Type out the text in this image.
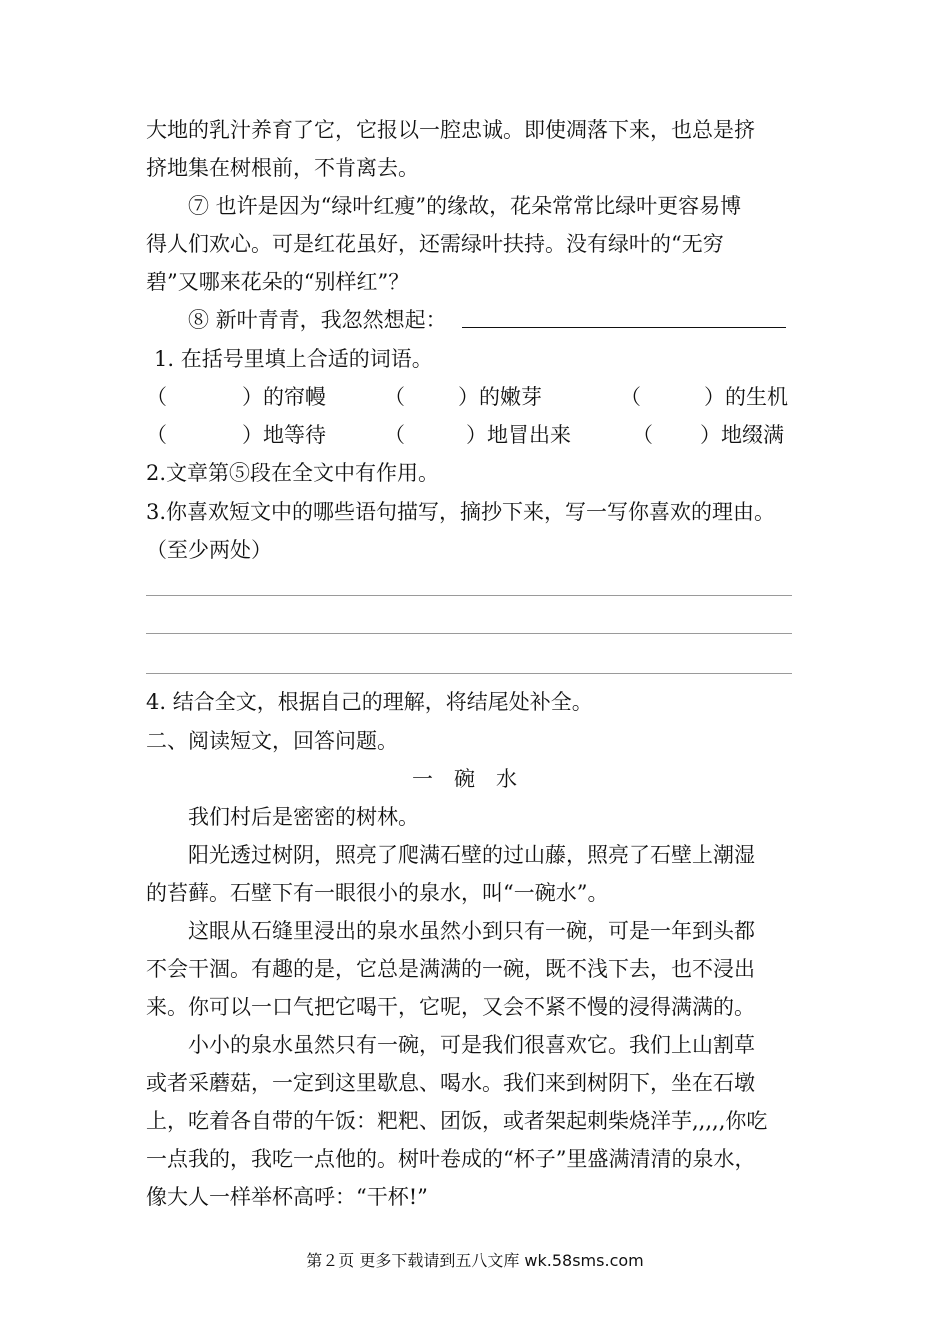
大地的乳汁养育了它，它报以一腔忠诚。即使凋落下来，也总是挤
挤地集在树根前，不肯离去。
⑦ 也许是因为“绿叶红瘦”的缘故，花朵常常比绿叶更容易博
得人们欢心。可是红花虽好，还需绿叶扶持。没有绿叶的“无穷
碧”又哪来花朵的“别样红”？
⑧ 新叶青青，我忽然想起：
1. 在括号里填上合适的词语。
（	）的帘幔	（	）的嫩芽	（	）的生机
（	）地等待	（	）地冒出来	（ ）地缀满
2.文章第⑤段在全文中有作用。
3.你喜欢短文中的哪些语句描写，摘抄下来，写一写你喜欢的理由。
（至少两处）
4. 结合全文，根据自己的理解，将结尾处补全。
二、阅读短文，回答问题。
一　碗　水
我们村后是密密的树林。
阳光透过树阴，照亮了爬满石壁的过山藤，照亮了石壁上潮湿
的苔藓。石壁下有一眼很小的泉水，叫“一碗水”。
这眼从石缝里浸出的泉水虽然小到只有一碗，可是一年到头都
不会干涸。有趣的是，它总是满满的一碗，既不浅下去，也不浸出
来。你可以一口气把它喝干，它呢，又会不紧不慢的浸得满满的。
小小的泉水虽然只有一碗，可是我们很喜欢它。我们上山割草
或者采蘑菇，一定到这里歇息、喝水。我们来到树阴下，坐在石墩
上，吃着各自带的午饭：粑粑、团饭，或者架起刺柴烧洋芋,,,,,你吃
一点我的，我吃一点他的。树叶卷成的“杯子”里盛满清清的泉水，
像大人一样举杯高呼：“干杯!”
第２页 更多下载请到五八文库 wk.58sms.com
